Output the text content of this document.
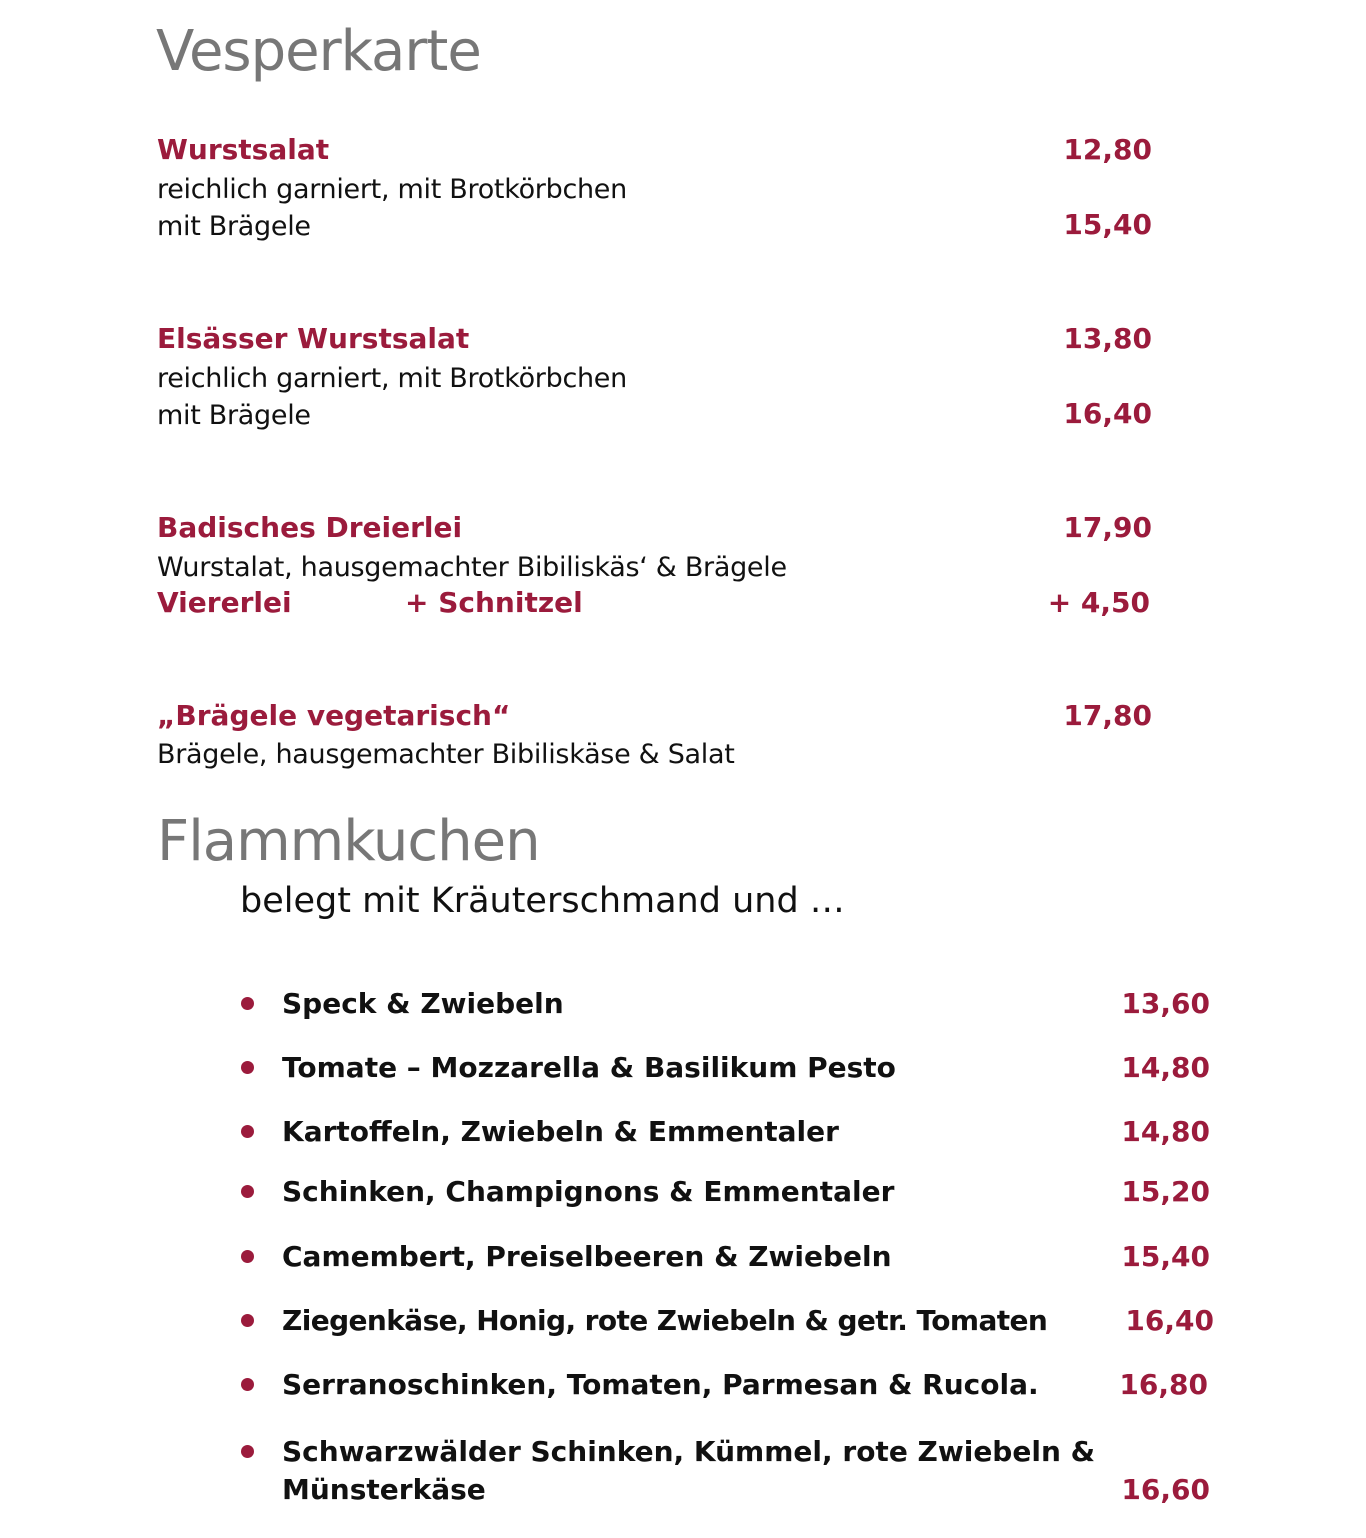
Vesperkarte
Wurstsalat	12,80
reichlich garniert, mit Brotkörbchen
mit Brägele	15,40
Elsässer Wurstsalat	13,80
reichlich garniert, mit Brotkörbchen
mit Brägele	16,40
Badisches Dreierlei	17,90
Wurstalat, hausgemachter Bibiliskäs‘ & Brägele
Viererlei	+ Schnitzel	+ 4,50
„Brägele vegetarisch“	17,80
Brägele, hausgemachter Bibiliskäse & Salat
Flammkuchen
belegt mit Kräuterschmand und …
Speck & Zwiebeln	13,60
Tomate – Mozzarella & Basilikum Pesto	14,80
Kartoffeln, Zwiebeln & Emmentaler	14,80
Schinken, Champignons & Emmentaler	15,20
Camembert, Preiselbeeren & Zwiebeln	15,40
Ziegenkäse, Honig, rote Zwiebeln & getr. Tomaten	16,40
Serranoschinken, Tomaten, Parmesan & Rucola.	16,80
Schwarzwälder Schinken, Kümmel, rote Zwiebeln &
Münsterkäse	16,60
